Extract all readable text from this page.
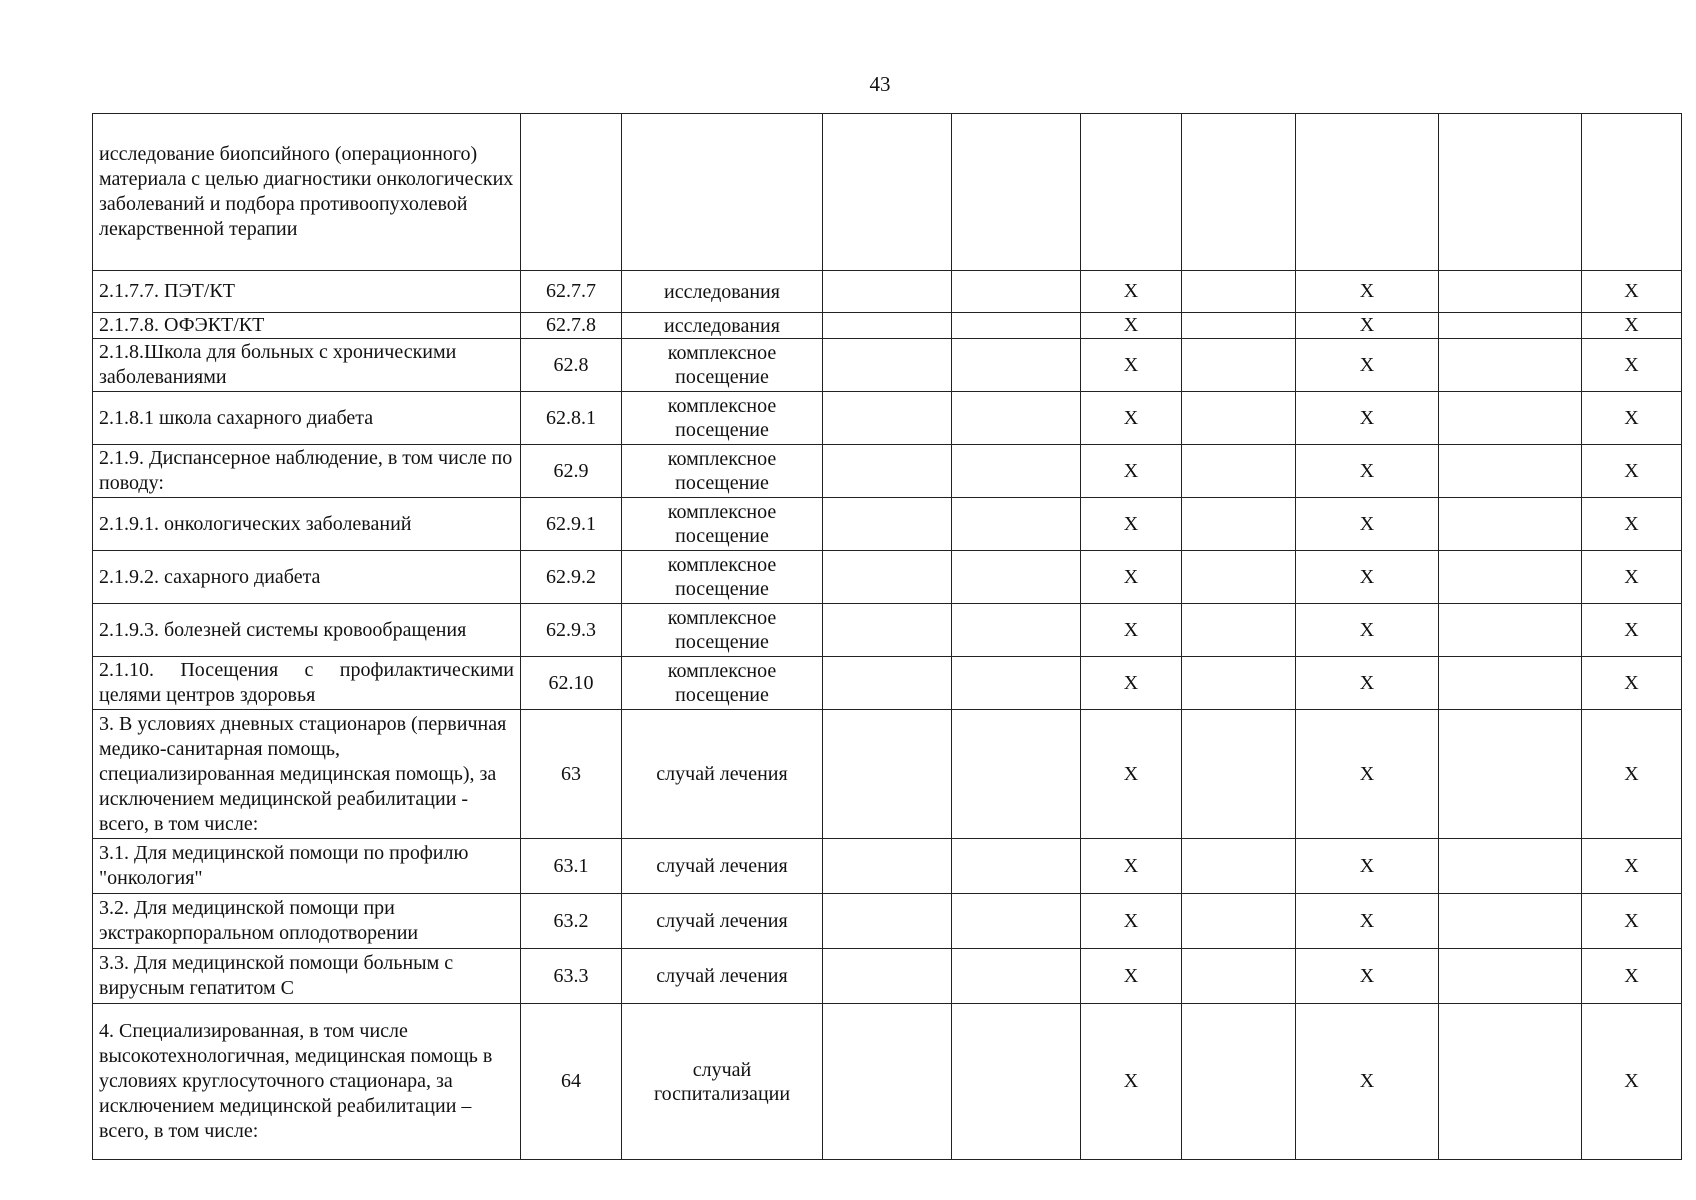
43
исследование биопсийного (операционного) материала с целью диагностики онкологических заболеваний и подбора противоопухолевой лекарственной терапии									
2.1.7.7. ПЭТ/КТ	62.7.7	исследования			X		X		X
2.1.7.8. ОФЭКТ/КТ	62.7.8	исследования			X		X		X
2.1.8.Школа для больных с хроническими заболеваниями	62.8	комплексное посещение			X		X		X
2.1.8.1 школа сахарного диабета	62.8.1	комплексное посещение			X		X		X
2.1.9. Диспансерное наблюдение, в том числе по поводу:	62.9	комплексное посещение			X		X		X
2.1.9.1. онкологических заболеваний	62.9.1	комплексное посещение			X		X		X
2.1.9.2. сахарного диабета	62.9.2	комплексное посещение			X		X		X
2.1.9.3. болезней системы кровообращения	62.9.3	комплексное посещение			X		X		X
2.1.10. Посещения с профилактическими целями центров здоровья	62.10	комплексное посещение			X		X		X
3. В условиях дневных стационаров (первичная медико-санитарная помощь, специализированная медицинская помощь), за исключением медицинской реабилитации - всего, в том числе:	63	случай лечения			X		X		X
3.1. Для медицинской помощи по профилю "онкология"	63.1	случай лечения			X		X		X
3.2. Для медицинской помощи при экстракорпоральном оплодотворении	63.2	случай лечения			X		X		X
3.3. Для медицинской помощи больным с вирусным гепатитом С	63.3	случай лечения			X		X		X
4. Специализированная, в том числе высокотехнологичная, медицинская помощь в условиях круглосуточного стационара, за исключением медицинской реабилитации – всего, в том числе:	64	случай госпитализации			X		X		X
